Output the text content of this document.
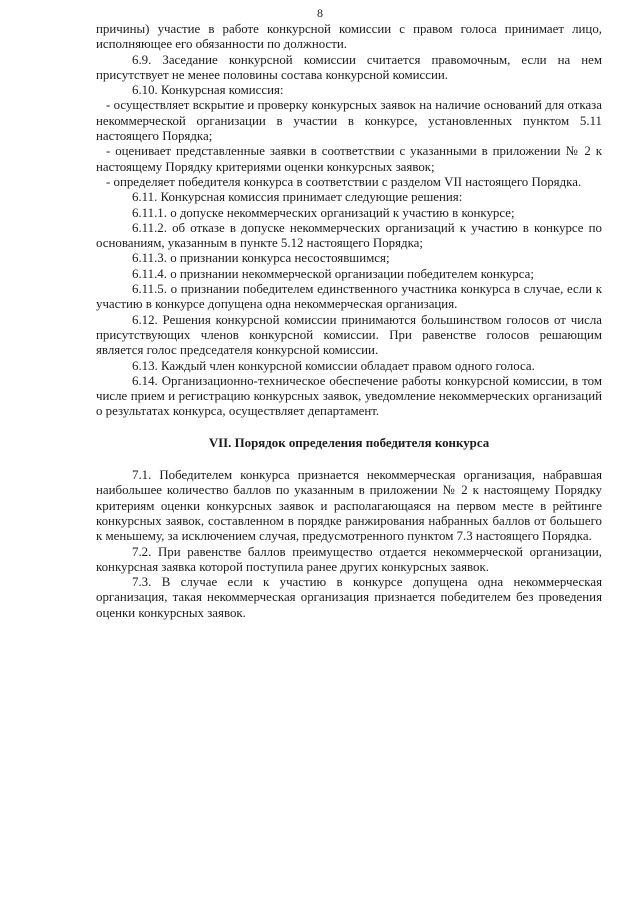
8

причины) участие в работе конкурсной комиссии с правом голоса принимает лицо, исполняющее его обязанности по должности.

6.9. Заседание конкурсной комиссии считается правомочным, если на нем присутствует не менее половины состава конкурсной комиссии.

6.10. Конкурсная комиссия:

- осуществляет вскрытие и проверку конкурсных заявок на наличие оснований для отказа некоммерческой организации в участии в конкурсе, установленных пунктом 5.11 настоящего Порядка;

- оценивает представленные заявки в соответствии с указанными в приложении № 2 к настоящему Порядку критериями оценки конкурсных заявок;

- определяет победителя конкурса в соответствии с разделом VII настоящего Порядка.

6.11. Конкурсная комиссия принимает следующие решения:

6.11.1. о допуске некоммерческих организаций к участию в конкурсе;

6.11.2. об отказе в допуске некоммерческих организаций к участию в конкурсе по основаниям, указанным в пункте 5.12 настоящего Порядка;

6.11.3. о признании конкурса несостоявшимся;

6.11.4. о признании некоммерческой организации победителем конкурса;

6.11.5. о признании победителем единственного участника конкурса в случае, если к участию в конкурсе допущена одна некоммерческая организация.

6.12. Решения конкурсной комиссии принимаются большинством голосов от числа присутствующих членов конкурсной комиссии. При равенстве голосов решающим является голос председателя конкурсной комиссии.

6.13. Каждый член конкурсной комиссии обладает правом одного голоса.

6.14. Организационно-техническое обеспечение работы конкурсной комиссии, в том числе прием и регистрацию конкурсных заявок, уведомление некоммерческих организаций о результатах конкурса, осуществляет департамент.

VII. Порядок определения победителя конкурса

7.1. Победителем конкурса признается некоммерческая организация, набравшая наибольшее количество баллов по указанным в приложении № 2 к настоящему Порядку критериям оценки конкурсных заявок и располагающаяся на первом месте в рейтинге конкурсных заявок, составленном в порядке ранжирования набранных баллов от большего к меньшему, за исключением случая, предусмотренного пунктом 7.3 настоящего Порядка.

7.2. При равенстве баллов преимущество отдается некоммерческой организации, конкурсная заявка которой поступила ранее других конкурсных заявок.

7.3. В случае если к участию в конкурсе допущена одна некоммерческая организация, такая некоммерческая организация признается победителем без проведения оценки конкурсных заявок.
